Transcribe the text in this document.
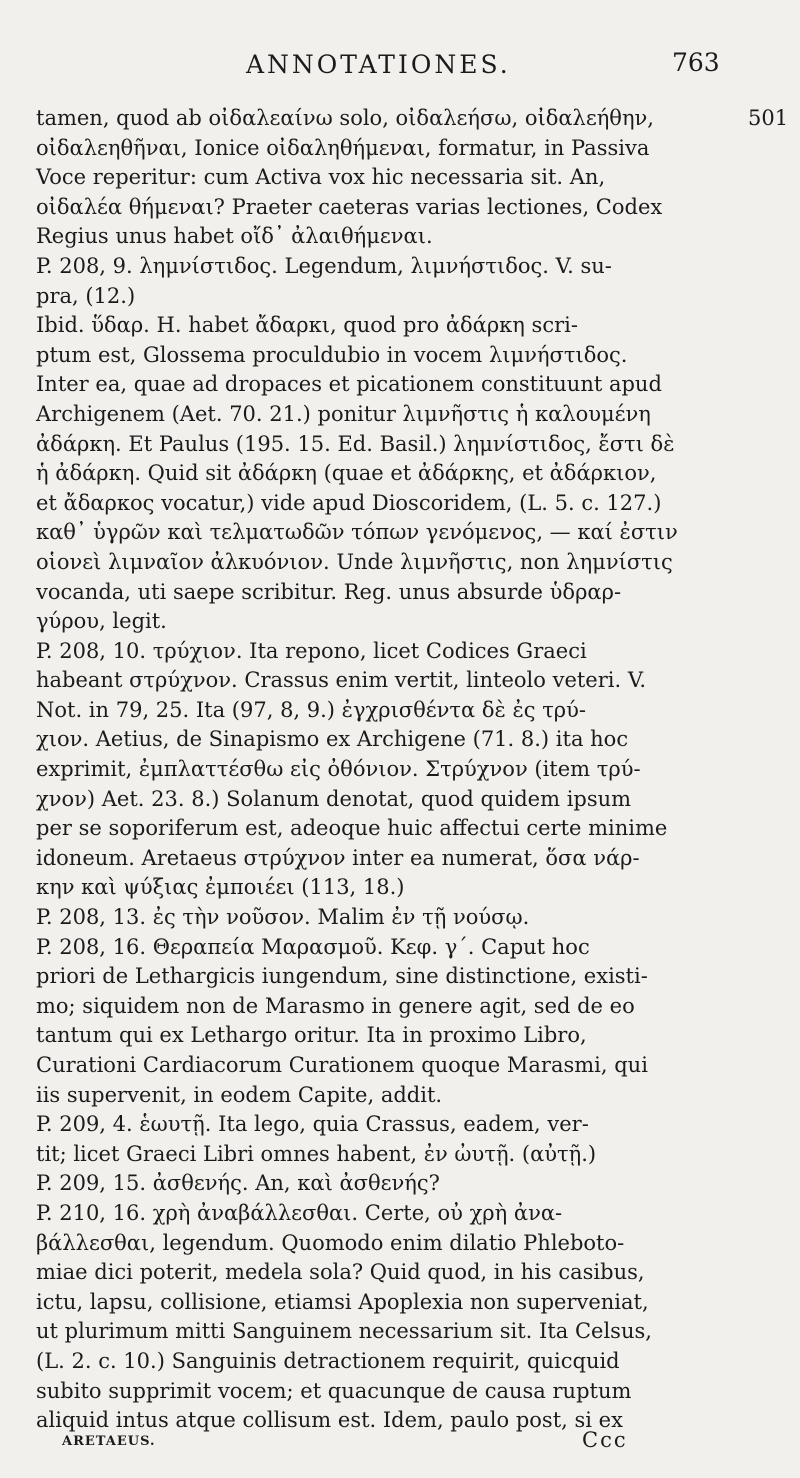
ANNOTATIONES.	763
501
tamen, quod ab οἰδαλεαίνω solo, οἰδαλεήσω, οἰδαλεήθην,
οἰδαλεηθῆναι, Ionice οἰδαληθήμεναι, formatur, in Passiva
Voce reperitur: cum Activa vox hic necessaria sit. An,
οἰδαλέα θήμεναι? Praeter caeteras varias lectiones, Codex
Regius unus habet οἴδ᾽ ἀλαιθήμεναι.
P. 208, 9. λημνίστιδος. Legendum, λιμνήστιδος. V. su-
pra, (12.)
Ibid. ὕδαρ. H. habet ἄδαρκι, quod pro ἀδάρκη scri-
ptum est, Glossema proculdubio in vocem λιμνήστιδος.
Inter ea, quae ad dropaces et picationem constituunt apud
Archigenem (Aet. 70. 21.) ponitur λιμνῆστις ἡ καλουμένη
ἀδάρκη. Et Paulus (195. 15. Ed. Basil.) λημνίστιδος, ἔστι δὲ
ἡ ἀδάρκη. Quid sit ἀδάρκη (quae et ἀδάρκης, et ἀδάρκιον,
et ἄδαρκος vocatur,) vide apud Dioscoridem, (L. 5. c. 127.)
καθ᾽ ὑγρῶν καὶ τελματωδῶν τόπων γενόμενος, — καί ἐστιν
οἱονεὶ λιμναῖον ἀλκυόνιον. Unde λιμνῆστις, non λημνίστις
vocanda, uti saepe scribitur. Reg. unus absurde ὑδραρ-
γύρου, legit.
P. 208, 10. τρύχιον. Ita repono, licet Codices Graeci
habeant στρύχνον. Crassus enim vertit, linteolo veteri. V.
Not. in 79, 25. Ita (97, 8, 9.) ἐγχρισθέντα δὲ ἐς τρύ-
χιον. Aetius, de Sinapismo ex Archigene (71. 8.) ita hoc
exprimit, ἐμπλαττέσθω εἰς ὀθόνιον. Στρύχνον (item τρύ-
χνον) Aet. 23. 8.) Solanum denotat, quod quidem ipsum
per se soporiferum est, adeoque huic affectui certe minime
idoneum. Aretaeus στρύχνον inter ea numerat, ὅσα νάρ-
κην καὶ ψύξιας ἐμποιέει (113, 18.)
P. 208, 13. ἐς τὴν νοῦσον. Malim ἐν τῇ νούσῳ.
P. 208, 16. Θεραπεία Μαρασμοῦ. Κεφ. γ΄. Caput hoc
priori de Lethargicis iungendum, sine distinctione, existi-
mo; siquidem non de Marasmo in genere agit, sed de eo
tantum qui ex Lethargo oritur. Ita in proximo Libro,
Curationi Cardiacorum Curationem quoque Marasmi, qui
iis supervenit, in eodem Capite, addit.
P. 209, 4. ἑωυτῇ. Ita lego, quia Crassus, eadem, ver-
tit; licet Graeci Libri omnes habent, ἐν ὠυτῇ. (αὐτῇ.)
P. 209, 15. ἀσθενής. An, καὶ ἀσθενής?
P. 210, 16. χρὴ ἀναβάλλεσθαι. Certe, οὐ χρὴ ἀνα-
βάλλεσθαι, legendum. Quomodo enim dilatio Phleboto-
miae dici poterit, medela sola? Quid quod, in his casibus,
ictu, lapsu, collisione, etiamsi Apoplexia non superveniat,
ut plurimum mitti Sanguinem necessarium sit. Ita Celsus,
(L. 2. c. 10.) Sanguinis detractionem requirit, quicquid
subito supprimit vocem; et quacunque de causa ruptum
aliquid intus atque collisum est. Idem, paulo post, si ex
ARETAEUS.	Ccc
